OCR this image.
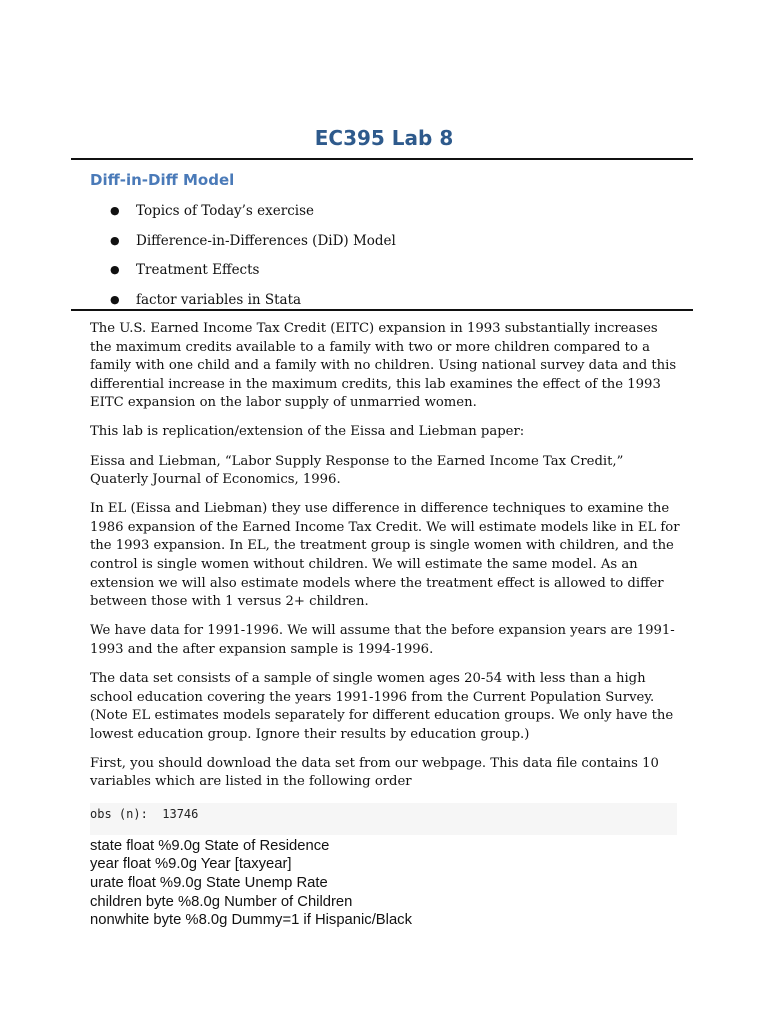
EC395 Lab 8
Diff-in-Diff Model
● Topics of Today’s exercise
● Difference-in-Differences (DiD) Model
● Treatment Effects
● factor variables in Stata

The U.S. Earned Income Tax Credit (EITC) expansion in 1993 substantially increases the maximum credits available to a family with two or more children compared to a family with one child and a family with no children. Using national survey data and this differential increase in the maximum credits, this lab examines the effect of the 1993 EITC expansion on the labor supply of unmarried women.

This lab is replication/extension of the Eissa and Liebman paper:

Eissa and Liebman, “Labor Supply Response to the Earned Income Tax Credit,” Quaterly Journal of Economics, 1996.

In EL (Eissa and Liebman) they use difference in difference techniques to examine the 1986 expansion of the Earned Income Tax Credit. We will estimate models like in EL for the 1993 expansion. In EL, the treatment group is single women with children, and the control is single women without children. We will estimate the same model. As an extension we will also estimate models where the treatment effect is allowed to differ between those with 1 versus 2+ children.

We have data for 1991-1996. We will assume that the before expansion years are 1991-1993 and the after expansion sample is 1994-1996.

The data set consists of a sample of single women ages 20-54 with less than a high school education covering the years 1991-1996 from the Current Population Survey. (Note EL estimates models separately for different education groups. We only have the lowest education group. Ignore their results by education group.)

First, you should download the data set from our webpage. This data file contains 10 variables which are listed in the following order

obs (n):  13746
state float %9.0g State of Residence
year float %9.0g Year [taxyear]
urate float %9.0g State Unemp Rate
children byte %8.0g Number of Children
nonwhite byte %8.0g Dummy=1 if Hispanic/Black
